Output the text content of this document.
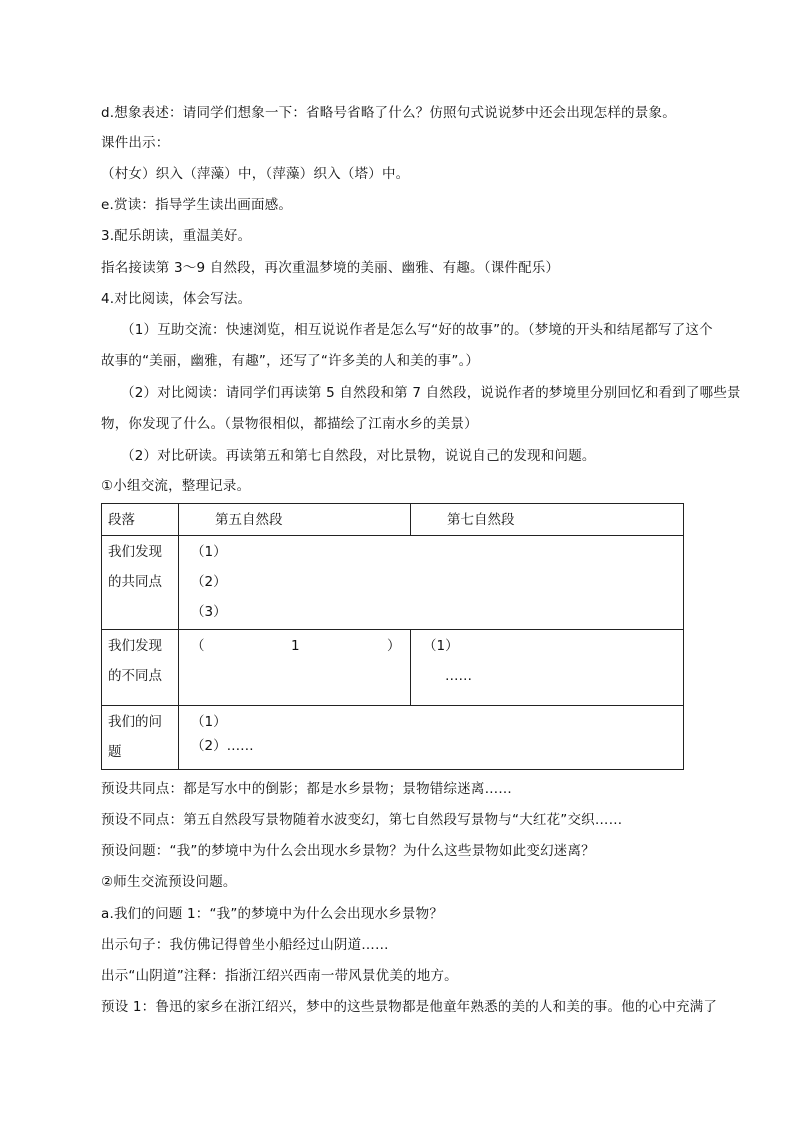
d.想象表述：请同学们想象一下：省略号省略了什么？仿照句式说说梦中还会出现怎样的景象。
课件出示：
（村女）织入（萍藻）中，（萍藻）织入（塔）中。
e.赏读：指导学生读出画面感。
3.配乐朗读，重温美好。
指名接读第 3～9 自然段，再次重温梦境的美丽、幽雅、有趣。（课件配乐）
4.对比阅读，体会写法。
（1）互助交流：快速浏览，相互说说作者是怎么写“好的故事”的。（梦境的开头和结尾都写了这个
故事的“美丽，幽雅，有趣”，还写了“许多美的人和美的事”。）
（2）对比阅读：请同学们再读第 5 自然段和第 7 自然段，说说作者的梦境里分别回忆和看到了哪些景
物，你发现了什么。（景物很相似，都描绘了江南水乡的美景）
（2）对比研读。再读第五和第七自然段，对比景物，说说自己的发现和问题。
①小组交流，整理记录。
段落	第五自然段	第七自然段

我们发现
的共同点	（1）
（2）
（3）	

我们发现
的不同点	（ 1 ）	（1）
……

我们的问
题	（1）
（2）……	
预设共同点：都是写水中的倒影；都是水乡景物；景物错综迷离……
预设不同点：第五自然段写景物随着水波变幻，第七自然段写景物与“大红花”交织……
预设问题：“我”的梦境中为什么会出现水乡景物？为什么这些景物如此变幻迷离？
②师生交流预设问题。
a.我们的问题 1：“我”的梦境中为什么会出现水乡景物？
出示句子：我仿佛记得曾坐小船经过山阴道……
出示“山阴道”注释：指浙江绍兴西南一带风景优美的地方。
预设 1：鲁迅的家乡在浙江绍兴，梦中的这些景物都是他童年熟悉的美的人和美的事。他的心中充满了
